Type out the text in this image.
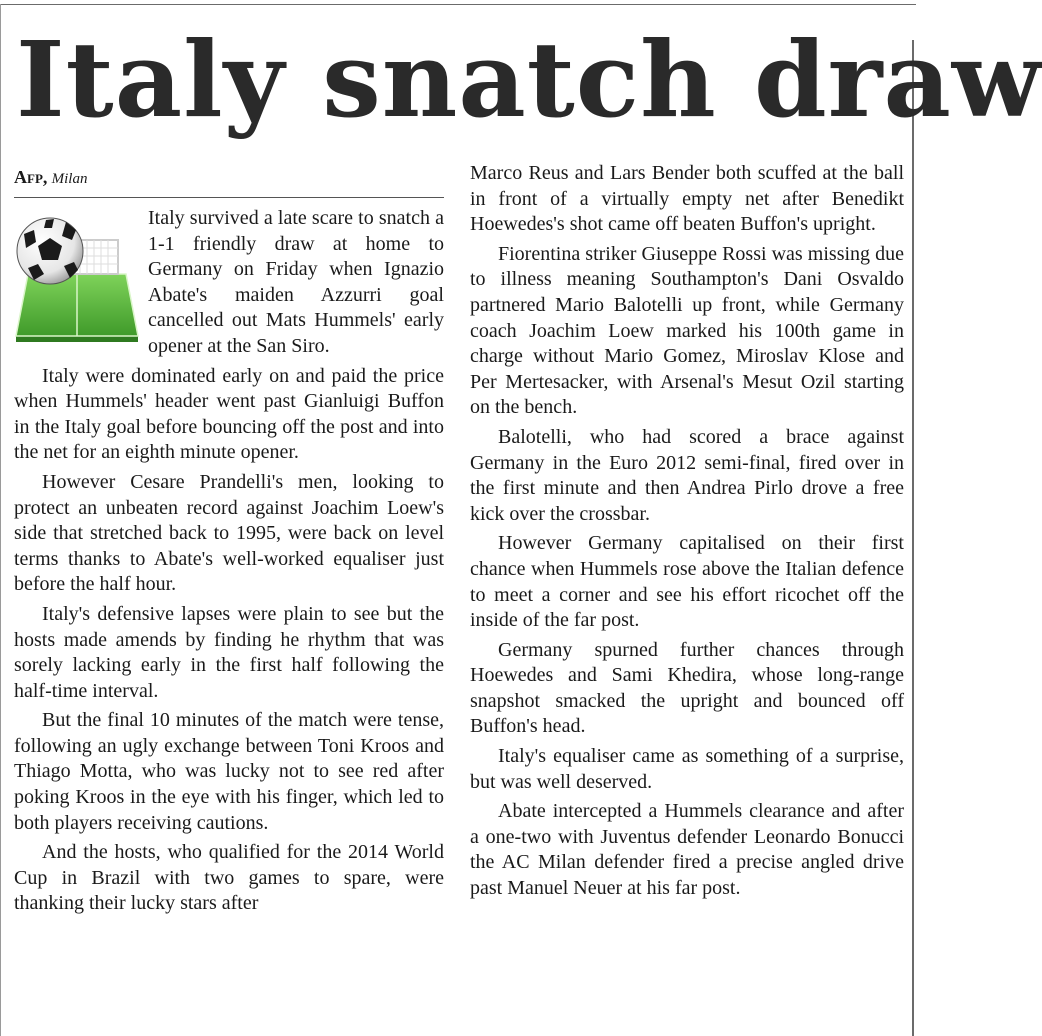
Italy snatch draw
Afp, Milan

Italy survived a late scare to snatch a 1-1 friendly draw at home to Germany on Friday when Ignazio Abate's maiden Azzurri goal cancelled out Mats Hummels' early opener at the San Siro.

Italy were dominated early on and paid the price when Hummels' header went past Gianluigi Buffon in the Italy goal before bouncing off the post and into the net for an eighth minute opener.

However Cesare Prandelli's men, looking to protect an unbeaten record against Joachim Loew's side that stretched back to 1995, were back on level terms thanks to Abate's well-worked equaliser just before the half hour.

Italy's defensive lapses were plain to see but the hosts made amends by finding he rhythm that was sorely lacking early in the first half following the half-time interval.

But the final 10 minutes of the match were tense, following an ugly exchange between Toni Kroos and Thiago Motta, who was lucky not to see red after poking Kroos in the eye with his finger, which led to both players receiving cautions.

And the hosts, who qualified for the 2014 World Cup in Brazil with two games to spare, were thanking their lucky stars after

Marco Reus and Lars Bender both scuffed at the ball in front of a virtually empty net after Benedikt Hoewedes's shot came off beaten Buffon's upright.

Fiorentina striker Giuseppe Rossi was missing due to illness meaning Southampton's Dani Osvaldo partnered Mario Balotelli up front, while Germany coach Joachim Loew marked his 100th game in charge without Mario Gomez, Miroslav Klose and Per Mertesacker, with Arsenal's Mesut Ozil starting on the bench.

Balotelli, who had scored a brace against Germany in the Euro 2012 semi-final, fired over in the first minute and then Andrea Pirlo drove a free kick over the crossbar.

However Germany capitalised on their first chance when Hummels rose above the Italian defence to meet a corner and see his effort ricochet off the inside of the far post.

Germany spurned further chances through Hoewedes and Sami Khedira, whose long-range snapshot smacked the upright and bounced off Buffon's head.

Italy's equaliser came as something of a surprise, but was well deserved.

Abate intercepted a Hummels clearance and after a one-two with Juventus defender Leonardo Bonucci the AC Milan defender fired a precise angled drive past Manuel Neuer at his far post.
